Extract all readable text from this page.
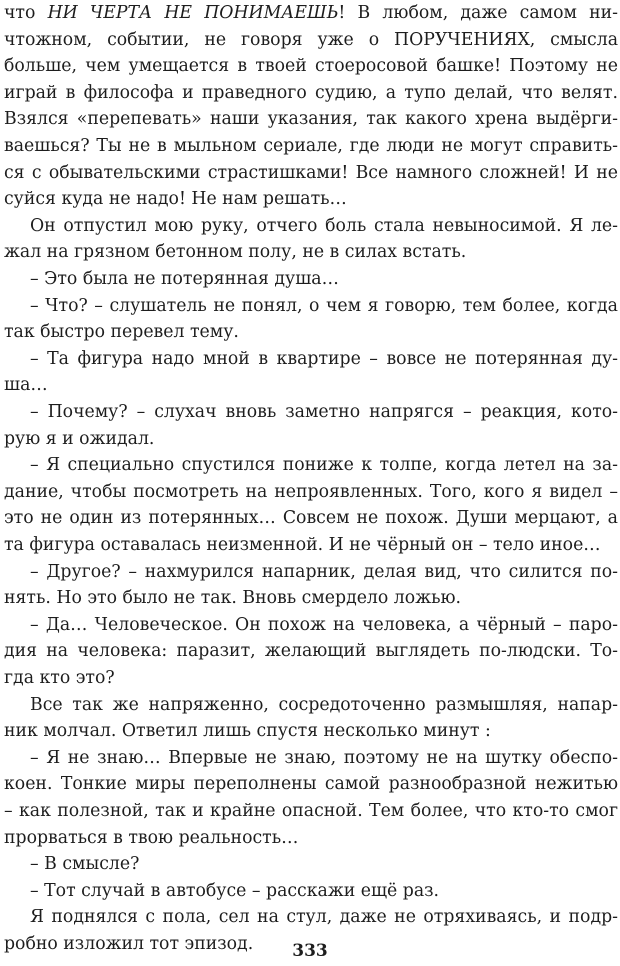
что НИ ЧЕРТА НЕ ПОНИМАЕШЬ! В любом, даже самом ни-
чтожном, событии, не говоря уже о ПОРУЧЕНИЯХ, смысла
больше, чем умещается в твоей стоеросовой башке! Поэтому не
играй в философа и праведного судию, а тупо делай, что велят.
Взялся «перепевать» наши указания, так какого хрена выдёрги-
ваешься? Ты не в мыльном сериале, где люди не могут справить-
ся с обывательскими страстишками! Все намного сложней! И не
суйся куда не надо! Не нам решать…
Он отпустил мою руку, отчего боль стала невыносимой. Я ле-
жал на грязном бетонном полу, не в силах встать.
– Это была не потерянная душа…
– Что? – слушатель не понял, о чем я говорю, тем более, когда
так быстро перевел тему.
– Та фигура надо мной в квартире – вовсе не потерянная ду-
ша…
– Почему? – слухач вновь заметно напрягся – реакция, кото-
рую я и ожидал.
– Я специально спустился пониже к толпе, когда летел на за-
дание, чтобы посмотреть на непроявленных. Того, кого я видел –
это не один из потерянных… Совсем не похож. Души мерцают, а
та фигура оставалась неизменной. И не чёрный он – тело иное…
– Другое? – нахмурился напарник, делая вид, что силится по-
нять. Но это было не так. Вновь смердело ложью.
– Да… Человеческое. Он похож на человека, а чёрный – паро-
дия на человека: паразит, желающий выглядеть по-людски. То-
гда кто это?
Все так же напряженно, сосредоточенно размышляя, напар-
ник молчал. Ответил лишь спустя несколько минут :
– Я не знаю… Впервые не знаю, поэтому не на шутку обеспо-
коен. Тонкие миры переполнены самой разнообразной нежитью
– как полезной, так и крайне опасной. Тем более, что кто-то смог
прорваться в твою реальность…
– В смысле?
– Тот случай в автобусе – расскажи ещё раз.
Я поднялся с пола, сел на стул, даже не отряхиваясь, и подр-
робно изложил тот эпизод.	333
